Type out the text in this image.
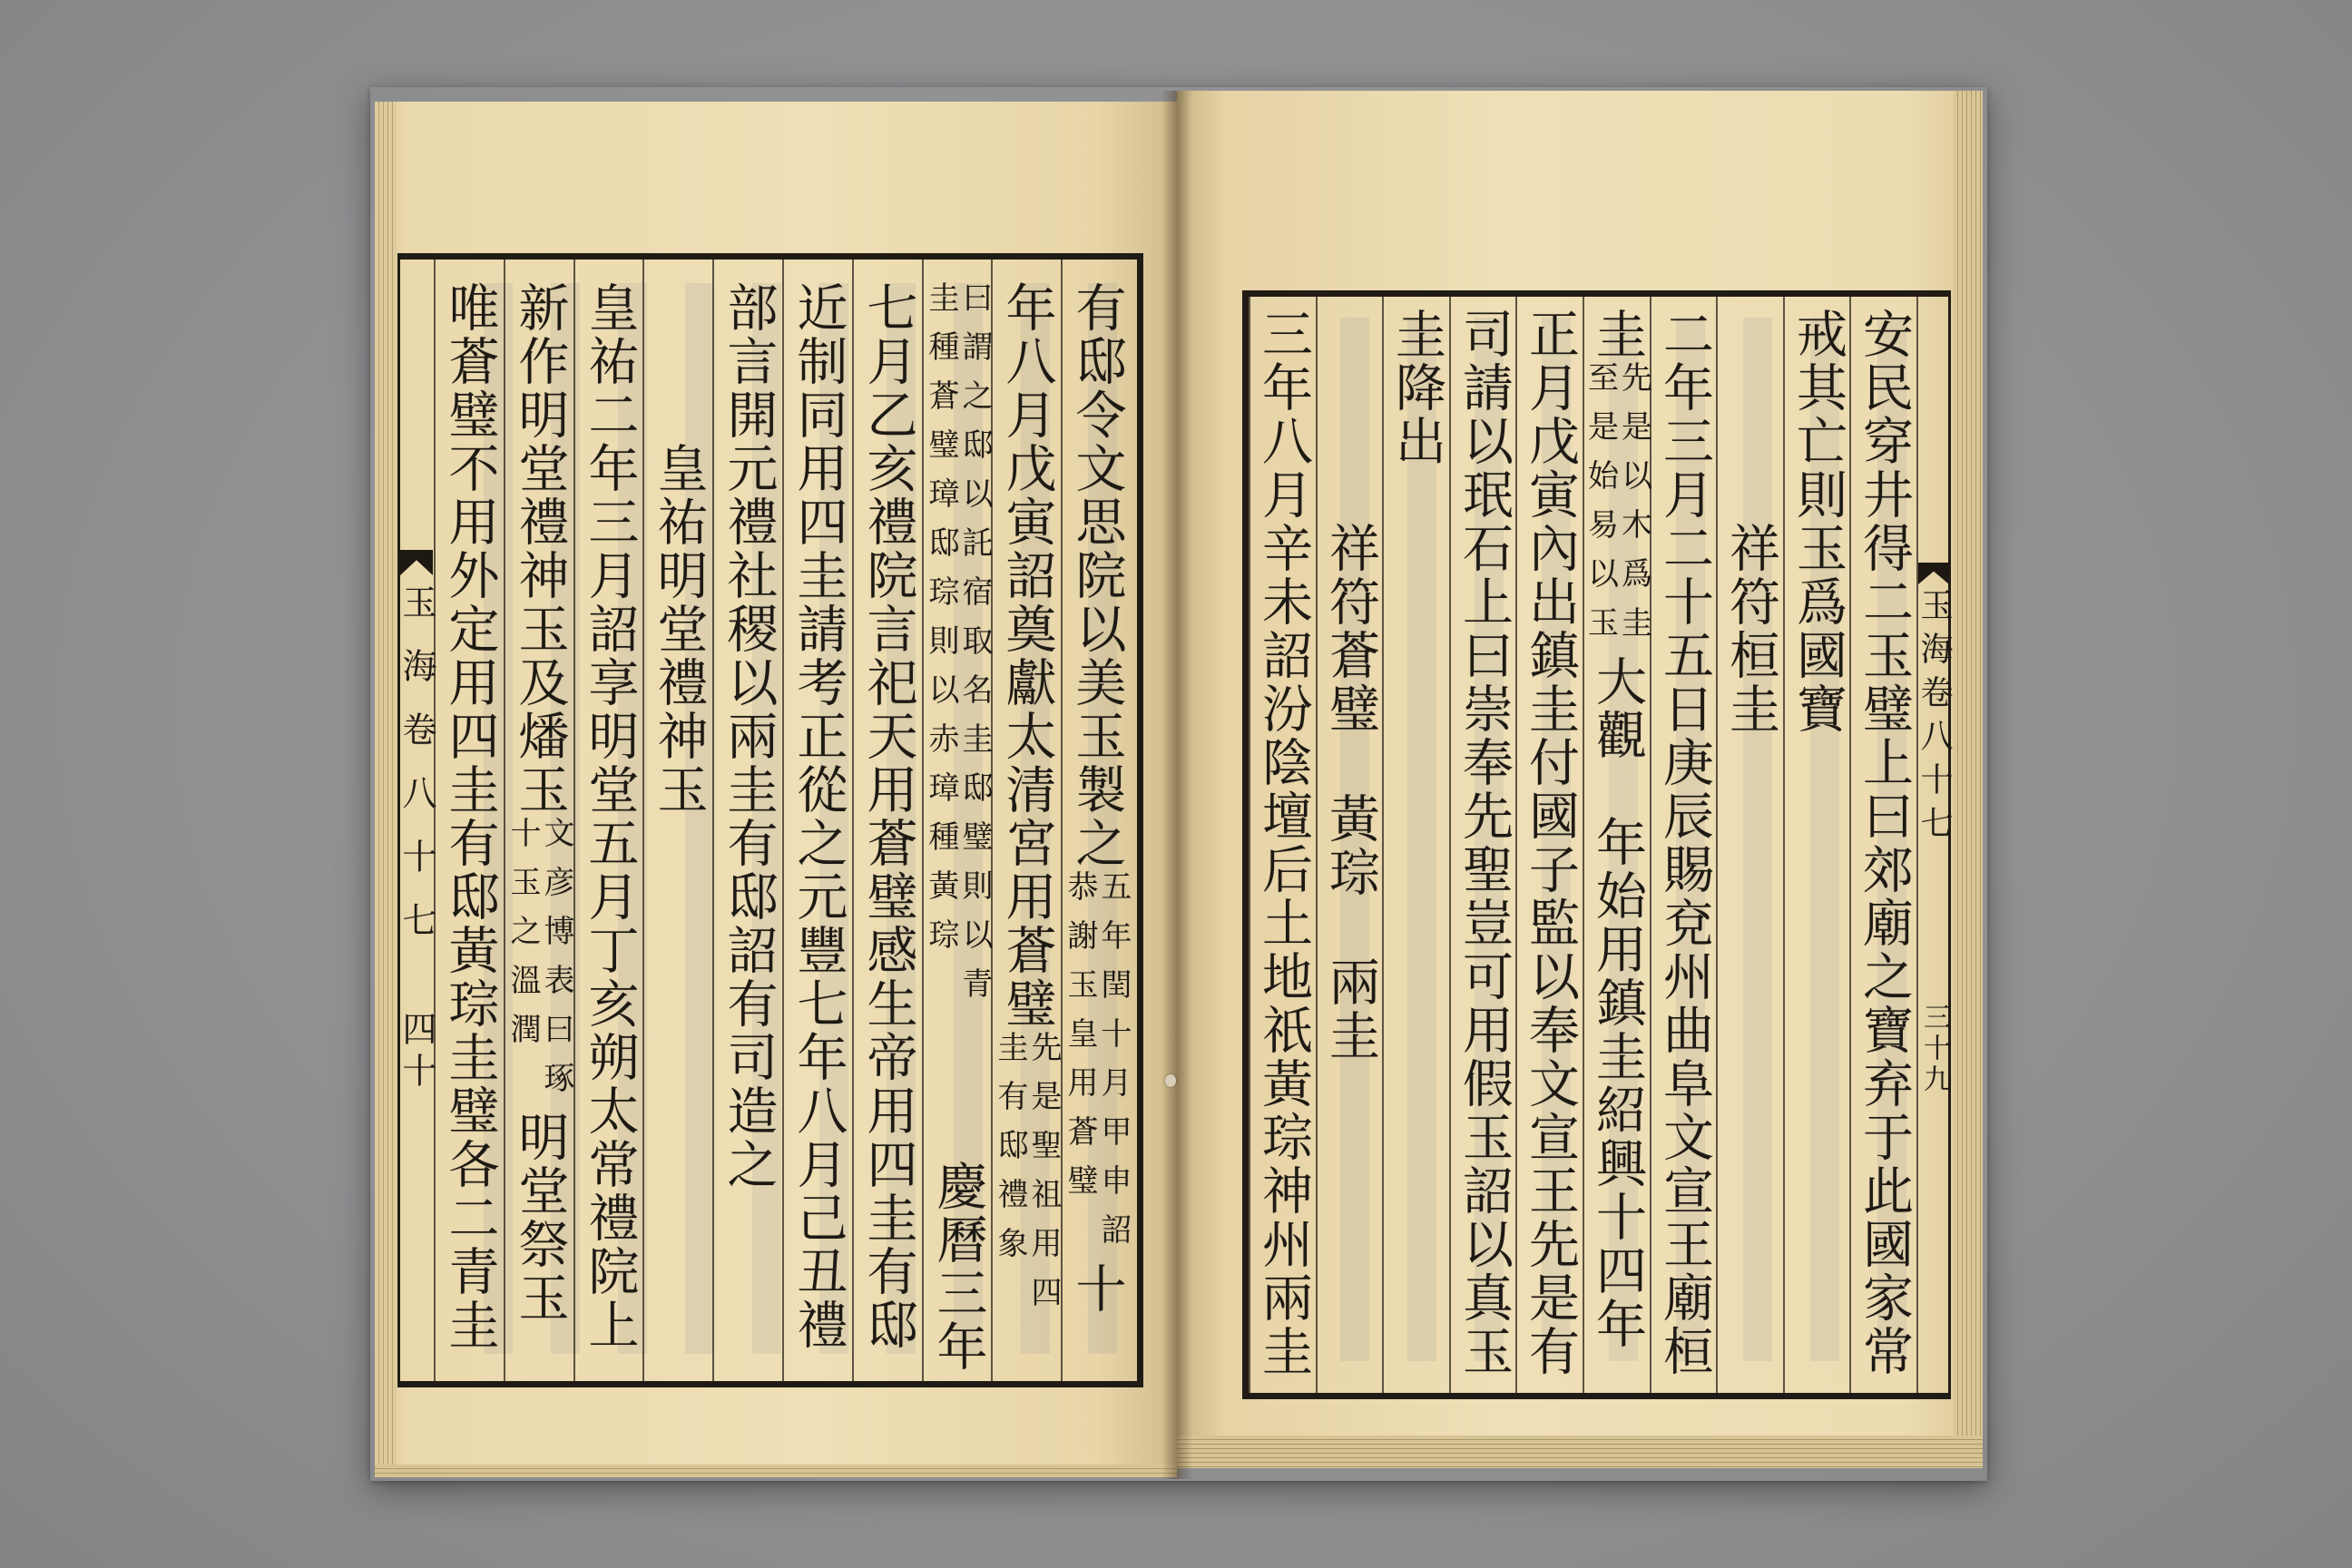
玉海卷八十七
四十
有邸令文思院以美玉製之
五年閏十月甲申詔
恭謝玉皇用蒼璧
十
年八月戊寅詔奠獻太清宮用蒼璧
先是聖祖用四
圭有邸禮象
曰謂之邸以託宿取名圭邸璧則以青
圭種蒼璧璋邸琮則以赤璋種黃琮
慶曆三年
七月乙亥禮院言祀天用蒼璧感生帝用四圭有邸
近制同用四圭請考正從之元豐七年八月己丑禮
部言開元禮社稷以兩圭有邸詔有司造之
皇祐明堂禮神玉
皇祐二年三月詔享明堂五月丁亥朔太常禮院上
新作明堂禮神玉及燔玉
文彦博表曰琢
十玉之溫潤
明堂祭玉
唯蒼璧不用外定用四圭有邸黃琮圭璧各二青圭	玉海卷八十七
三十九
安民穿井得二玉璧上曰郊廟之寶弃于此國家常
戒其亡則玉爲國寶
祥符桓圭
二年三月二十五日庚辰賜兗州曲阜文宣王廟桓
圭
先是以木爲圭
至是始易以玉
大觀
年始用鎮圭紹興十四年
正月戊寅內出鎮圭付國子監以奉文宣王先是有
司請以珉石上曰崇奉先聖豈可用假玉詔以真玉
圭降出
祥符蒼璧
黃琮
兩圭
三年八月辛未詔汾陰壇后土地祇黃琮神州兩圭
